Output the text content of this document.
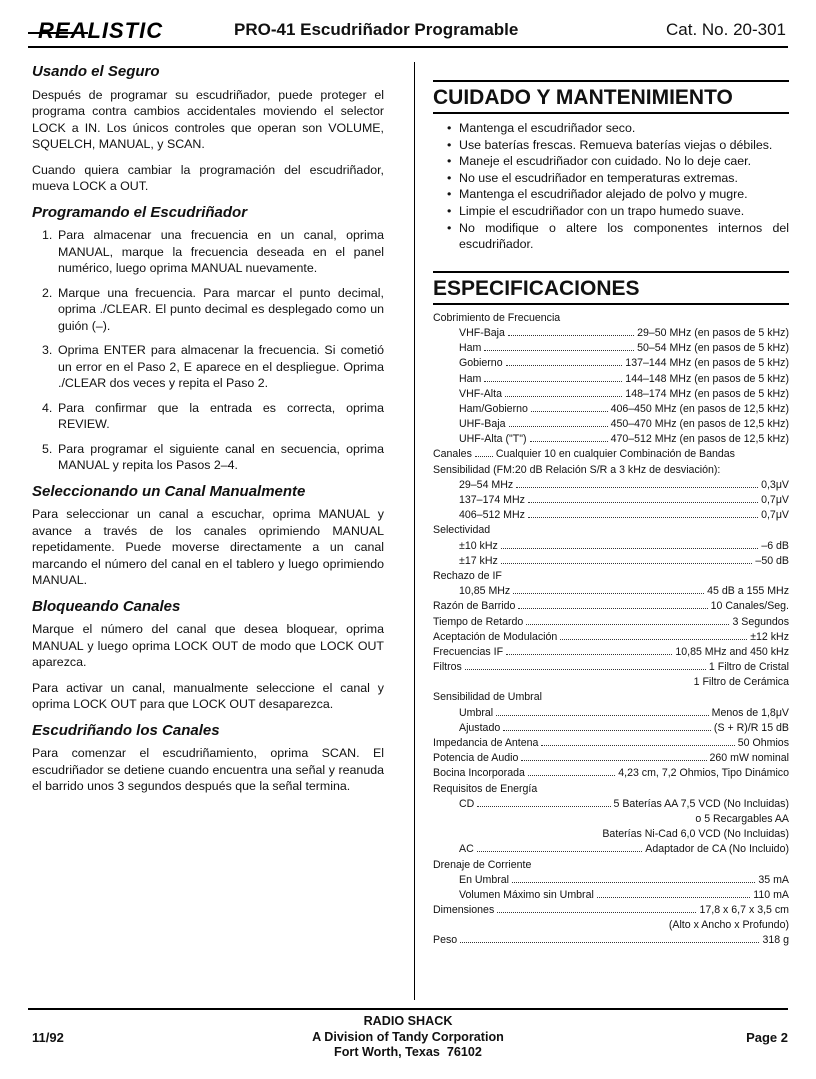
REALISTIC	PRO-41 Escudriñador Programable	Cat. No. 20-301
Usando el Seguro

Después de programar su escudriñador, puede proteger el programa contra cambios accidentales moviendo el selector LOCK a IN. Los únicos controles que operan son VOLUME, SQUELCH, MANUAL, y SCAN.

Cuando quiera cambiar la programación del escudriñador, mueva LOCK a OUT.

Programando el Escudriñador
1. Para almacenar una frecuencia en un canal, oprima MANUAL, marque la frecuencia deseada en el panel numérico, luego oprima MANUAL nuevamente.
2. Marque una frecuencia. Para marcar el punto decimal, oprima ./CLEAR. El punto decimal es desplegado como un guión (–).
3. Oprima ENTER para almacenar la frecuencia. Si cometió un error en el Paso 2, E aparece en el despliegue. Oprima ./CLEAR dos veces y repita el Paso 2.
4. Para confirmar que la entrada es correcta, oprima REVIEW.
5. Para programar el siguiente canal en secuencia, oprima MANUAL y repita los Pasos 2–4.
Seleccionando un Canal Manualmente

Para seleccionar un canal a escuchar, oprima MANUAL y avance a través de los canales oprimiendo MANUAL repetidamente. Puede moverse directamente a un canal marcando el número del canal en el tablero y luego oprimiendo MANUAL.

Bloqueando Canales

Marque el número del canal que desea bloquear, oprima MANUAL y luego oprima LOCK OUT de modo que LOCK OUT aparezca.

Para activar un canal, manualmente seleccione el canal y oprima LOCK OUT para que LOCK OUT desaparezca.

Escudriñando los Canales

Para comenzar el escudriñamiento, oprima SCAN. El escudriñador se detiene cuando encuentra una señal y reanuda el barrido unos 3 segundos después que la señal termina.

CUIDADO Y MANTENIMIENTO
• Mantenga el escudriñador seco.
• Use baterías frescas. Remueva baterías viejas o débiles.
• Maneje el escudriñador con cuidado. No lo deje caer.
• No use el escudriñador en temperaturas extremas.
• Mantenga el escudriñador alejado de polvo y mugre.
• Limpie el escudriñador con un trapo humedo suave.
• No modifique o altere los componentes internos del escudriñador.
ESPECIFICACIONES
Cobrimiento de Frecuencia
VHF-Baja	29–50 MHz (en pasos de 5 kHz)
Ham	50–54 MHz (en pasos de 5 kHz)
Gobierno	137–144 MHz (en pasos de 5 kHz)
Ham	144–148 MHz (en pasos de 5 kHz)
VHF-Alta	148–174 MHz (en pasos de 5 kHz)
Ham/Gobierno	406–450 MHz (en pasos de 12,5 kHz)
UHF-Baja	450–470 MHz (en pasos de 12,5 kHz)
UHF-Alta ("T")	470–512 MHz (en pasos de 12,5 kHz)
Canales Cualquier 10 en cualquier Combinación de Bandas
Sensibilidad (FM:20 dB Relación S/R a 3 kHz de desviación):
29–54 MHz	0,3μV
137–174 MHz	0,7μV
406–512 MHz	0,7μV
Selectividad
±10 kHz	–6 dB
±17 kHz	–50 dB
Rechazo de IF
10,85 MHz	45 dB a 155 MHz
Razón de Barrido	10 Canales/Seg.
Tiempo de Retardo	3 Segundos
Aceptación de Modulación	±12 kHz
Frecuencias IF	10,85 MHz and 450 kHz
Filtros	1 Filtro de Cristal
1 Filtro de Cerámica
Sensibilidad de Umbral
Umbral	Menos de 1,8μV
Ajustado	(S + R)/R 15 dB
Impedancia de Antena	50 Ohmios
Potencia de Audio	260 mW nominal
Bocina Incorporada	4,23 cm, 7,2 Ohmios, Tipo Dinámico
Requisitos de Energía
CD	5 Baterías AA 7,5 VCD (No Incluidas)
o 5 Recargables AA
Baterías Ni-Cad 6,0 VCD (No Incluidas)
AC	Adaptador de CA (No Incluido)
Drenaje de Corriente
En Umbral	35 mA
Volumen Máximo sin Umbral	110 mA
Dimensiones	17,8 x 6,7 x 3,5 cm
(Alto x Ancho x Profundo)
Peso	318 g
11/92
RADIO SHACK
A Division of Tandy Corporation
Fort Worth, Texas  76102
Page 2
